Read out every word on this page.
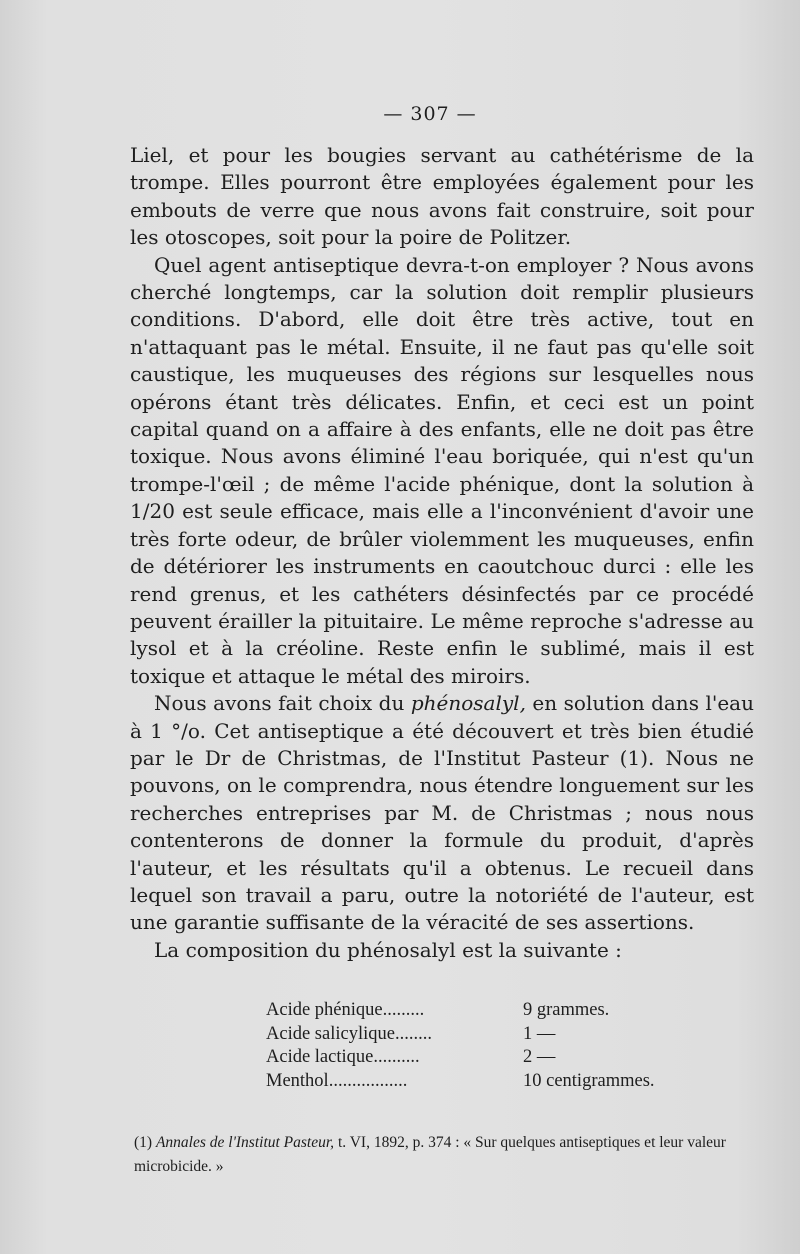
— 307 —

Liel, et pour les bougies servant au cathétérisme de la trompe. Elles pourront être employées également pour les embouts de verre que nous avons fait construire, soit pour les otoscopes, soit pour la poire de Politzer.

Quel agent antiseptique devra-t-on employer ? Nous avons cherché longtemps, car la solution doit remplir plusieurs conditions. D'abord, elle doit être très active, tout en n'attaquant pas le métal. Ensuite, il ne faut pas qu'elle soit caustique, les muqueuses des régions sur lesquelles nous opérons étant très délicates. Enfin, et ceci est un point capital quand on a affaire à des enfants, elle ne doit pas être toxique. Nous avons éliminé l'eau boriquée, qui n'est qu'un trompe-l'œil ; de même l'acide phénique, dont la solution à 1/20 est seule efficace, mais elle a l'inconvénient d'avoir une très forte odeur, de brûler violemment les muqueuses, enfin de détériorer les instruments en caoutchouc durci : elle les rend grenus, et les cathéters désinfectés par ce procédé peuvent érailler la pituitaire. Le même reproche s'adresse au lysol et à la créoline. Reste enfin le sublimé, mais il est toxique et attaque le métal des miroirs.

Nous avons fait choix du phénosalyl, en solution dans l'eau à 1 °/o. Cet antiseptique a été découvert et très bien étudié par le Dr de Christmas, de l'Institut Pasteur (1). Nous ne pouvons, on le comprendra, nous étendre longuement sur les recherches entreprises par M. de Christmas ; nous nous contenterons de donner la formule du produit, d'après l'auteur, et les résultats qu'il a obtenus. Le recueil dans lequel son travail a paru, outre la notoriété de l'auteur, est une garantie suffisante de la véracité de ses assertions.

La composition du phénosalyl est la suivante :

Acide phénique.........	9 grammes.
Acide salicylique........	1 —
Acide lactique..........	2 —
Menthol.................	10 centigrammes.
(1) Annales de l'Institut Pasteur, t. VI, 1892, p. 374 : « Sur quelques antiseptiques et leur valeur microbicide. »
